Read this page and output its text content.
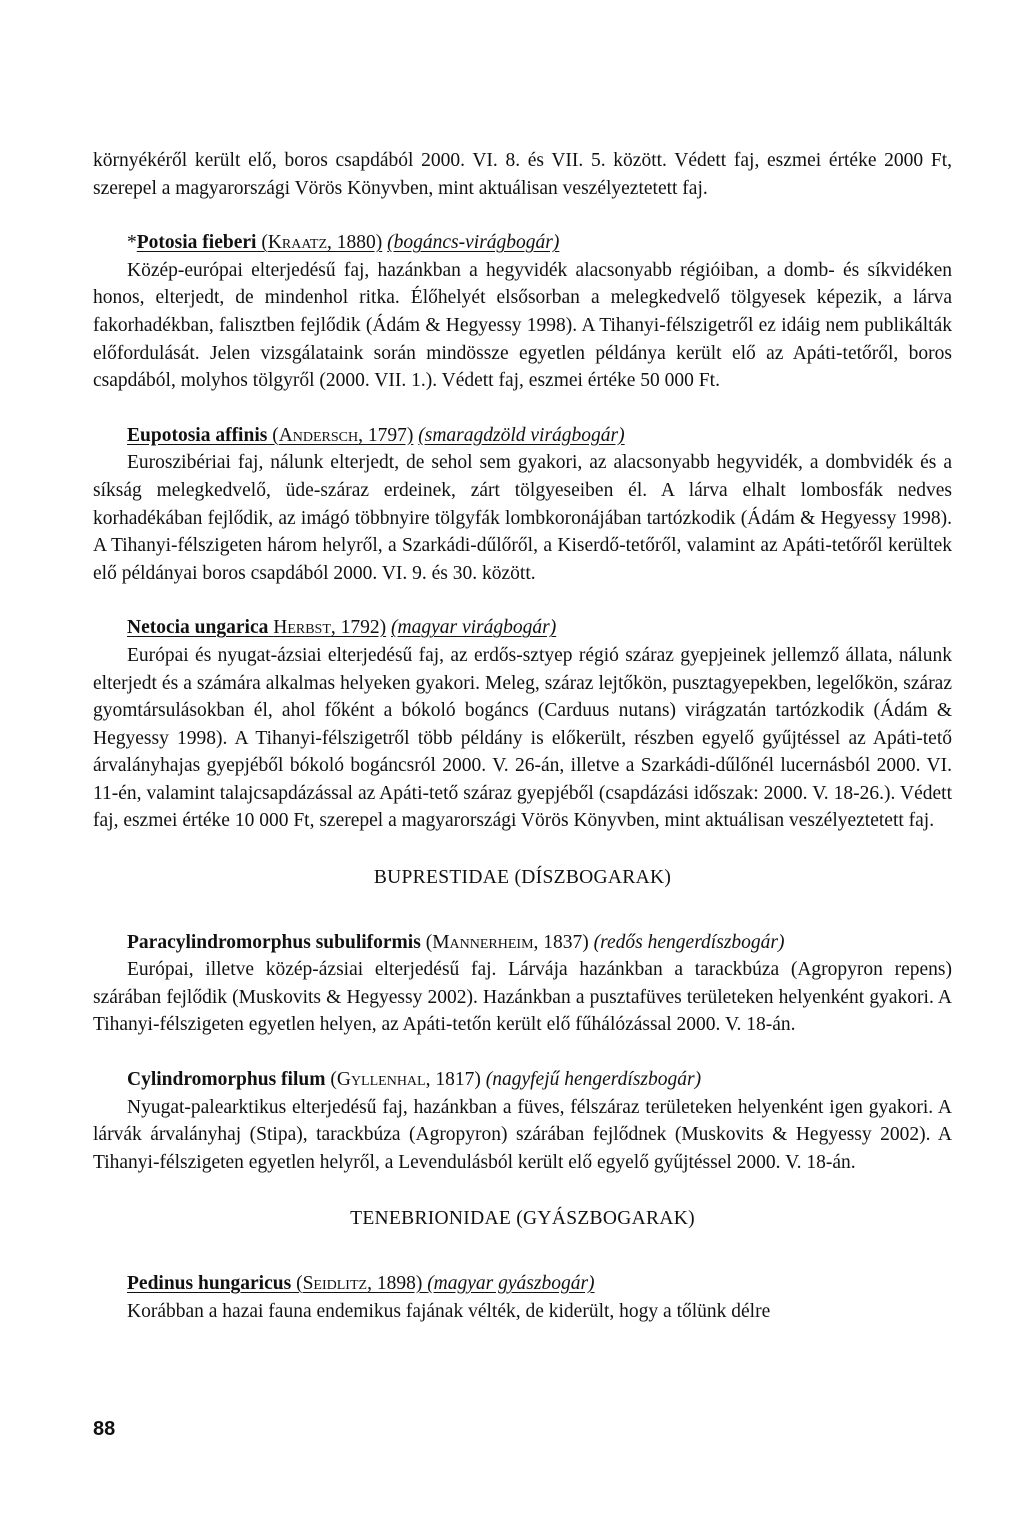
környékéről került elő, boros csapdából 2000. VI. 8. és VII. 5. között. Védett faj, eszmei értéke 2000 Ft, szerepel a magyarországi Vörös Könyvben, mint aktuálisan veszélyeztetett faj.

*Potosia fieberi (Kraatz, 1880) (bogáncs-virágbogár)
Közép-európai elterjedésű faj, hazánkban a hegyvidék alacsonyabb régióiban, a domb- és síkvidéken honos, elterjedt, de mindenhol ritka. Élőhelyét elsősorban a melegkedvelő tölgyesek képezik, a lárva fakorhadékban, falisztben fejlődik (Ádám & Hegyessy 1998). A Tihanyi-félszigetről ez idáig nem publikálták előfordulását. Jelen vizsgálataink során mindössze egyetlen példánya került elő az Apáti-tetőről, boros csapdából, molyhos tölgyről (2000. VII. 1.). Védett faj, eszmei értéke 50 000 Ft.
Eupotosia affinis (Andersch, 1797) (smaragdzöld virágbogár)
Euroszibériai faj, nálunk elterjedt, de sehol sem gyakori, az alacsonyabb hegyvidék, a dombvidék és a síkság melegkedvelő, üde-száraz erdeinek, zárt tölgyeseiben él. A lárva elhalt lombosfák nedves korhadékában fejlődik, az imágó többnyire tölgyfák lombkoronájában tartózkodik (Ádám & Hegyessy 1998). A Tihanyi-félszigeten három helyről, a Szarkádi-dűlőről, a Kiserdő-tetőről, valamint az Apáti-tetőről kerültek elő példányai boros csapdából 2000. VI. 9. és 30. között.
Netocia ungarica Herbst, 1792) (magyar virágbogár)
Európai és nyugat-ázsiai elterjedésű faj, az erdős-sztyep régió száraz gyepjeinek jellemző állata, nálunk elterjedt és a számára alkalmas helyeken gyakori. Meleg, száraz lejtőkön, pusztagyepekben, legelőkön, száraz gyomtársulásokban él, ahol főként a bókoló bogáncs (Carduus nutans) virágzatán tartózkodik (Ádám & Hegyessy 1998). A Tihanyi-félszigetről több példány is előkerült, részben egyelő gyűjtéssel az Apáti-tető árvalányhajas gyepjéből bókoló bogáncsról 2000. V. 26-án, illetve a Szarkádi-dűlőnél lucernásból 2000. VI. 11-én, valamint talajcsapdázással az Apáti-tető száraz gyepjéből (csapdázási időszak: 2000. V. 18-26.). Védett faj, eszmei értéke 10 000 Ft, szerepel a magyarországi Vörös Könyvben, mint aktuálisan veszélyeztetett faj.
BUPRESTIDAE (DÍSZBOGARAK)
Paracylindromorphus subuliformis (Mannerheim, 1837) (redős hengerdíszbogár)
Európai, illetve közép-ázsiai elterjedésű faj. Lárvája hazánkban a tarackbúza (Agropyron repens) szárában fejlődik (Muskovits & Hegyessy 2002). Hazánkban a pusztafüves területeken helyenként gyakori. A Tihanyi-félszigeten egyetlen helyen, az Apáti-tetőn került elő fűhálózással 2000. V. 18-án.
Cylindromorphus filum (Gyllenhal, 1817) (nagyfejű hengerdíszbogár)
Nyugat-palearktikus elterjedésű faj, hazánkban a füves, félszáraz területeken helyenként igen gyakori. A lárvák árvalányhaj (Stipa), tarackbúza (Agropyron) szárában fejlődnek (Muskovits & Hegyessy 2002). A Tihanyi-félszigeten egyetlen helyről, a Levendulásból került elő egyelő gyűjtéssel 2000. V. 18-án.
TENEBRIONIDAE (GYÁSZBOGARAK)
Pedinus hungaricus (Seidlitz, 1898) (magyar gyászbogár)
Korábban a hazai fauna endemikus fajának vélték, de kiderült, hogy a tőlünk délre
88
